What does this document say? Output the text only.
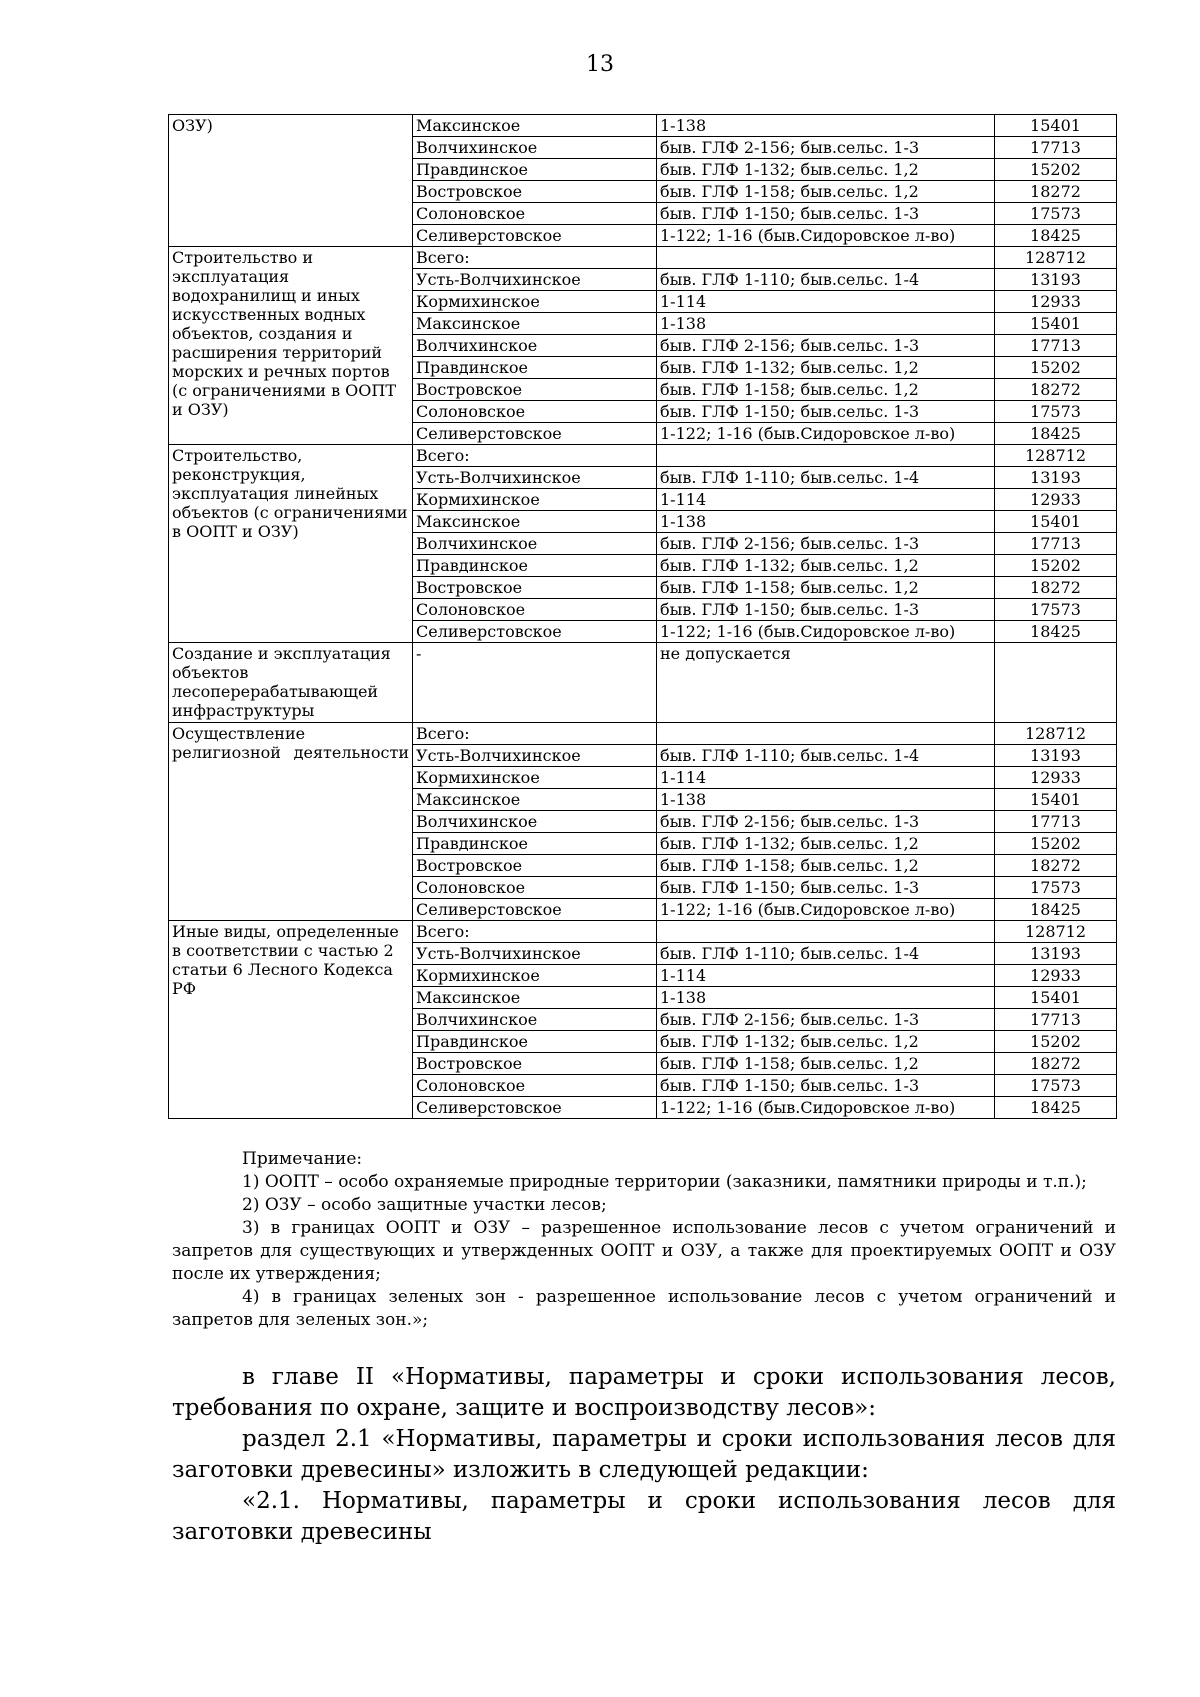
13
ОЗУ)	Максинское	1-138	15401
	Волчихинское	быв. ГЛФ 2-156; быв.сельс. 1-3	17713
	Правдинское	быв. ГЛФ 1-132; быв.сельс. 1,2	15202
	Востровское	быв. ГЛФ 1-158; быв.сельс. 1,2	18272
	Солоновское	быв. ГЛФ 1-150; быв.сельс. 1-3	17573
	Селиверстовское	1-122; 1-16 (быв.Сидоровское л-во)	18425
Строительство и эксплуатация водохранилищ и иных искусственных водных объектов, создания и расширения территорий морских и речных портов (с ограничениями в ООПТ и ОЗУ)	Всего:		128712
	Усть-Волчихинское	быв. ГЛФ 1-110; быв.сельс. 1-4	13193
	Кормихинское	1-114	12933
	Максинское	1-138	15401
	Волчихинское	быв. ГЛФ 2-156; быв.сельс. 1-3	17713
	Правдинское	быв. ГЛФ 1-132; быв.сельс. 1,2	15202
	Востровское	быв. ГЛФ 1-158; быв.сельс. 1,2	18272
	Солоновское	быв. ГЛФ 1-150; быв.сельс. 1-3	17573
	Селиверстовское	1-122; 1-16 (быв.Сидоровское л-во)	18425
Строительство, реконструкция, эксплуатация линейных объектов (с ограничениями в ООПТ и ОЗУ)	Всего:		128712
	Усть-Волчихинское	быв. ГЛФ 1-110; быв.сельс. 1-4	13193
	Кормихинское	1-114	12933
	Максинское	1-138	15401
	Волчихинское	быв. ГЛФ 2-156; быв.сельс. 1-3	17713
	Правдинское	быв. ГЛФ 1-132; быв.сельс. 1,2	15202
	Востровское	быв. ГЛФ 1-158; быв.сельс. 1,2	18272
	Солоновское	быв. ГЛФ 1-150; быв.сельс. 1-3	17573
	Селиверстовское	1-122; 1-16 (быв.Сидоровское л-во)	18425
Создание и эксплуатация объектов лесоперерабатывающей инфраструктуры	-	не допускается	
Осуществление религиозной деятельности	Всего:		128712
	Усть-Волчихинское	быв. ГЛФ 1-110; быв.сельс. 1-4	13193
	Кормихинское	1-114	12933
	Максинское	1-138	15401
	Волчихинское	быв. ГЛФ 2-156; быв.сельс. 1-3	17713
	Правдинское	быв. ГЛФ 1-132; быв.сельс. 1,2	15202
	Востровское	быв. ГЛФ 1-158; быв.сельс. 1,2	18272
	Солоновское	быв. ГЛФ 1-150; быв.сельс. 1-3	17573
	Селиверстовское	1-122; 1-16 (быв.Сидоровское л-во)	18425
Иные виды, определенные в соответствии с частью 2 статьи 6 Лесного Кодекса РФ	Всего:		128712
	Усть-Волчихинское	быв. ГЛФ 1-110; быв.сельс. 1-4	13193
	Кормихинское	1-114	12933
	Максинское	1-138	15401
	Волчихинское	быв. ГЛФ 2-156; быв.сельс. 1-3	17713
	Правдинское	быв. ГЛФ 1-132; быв.сельс. 1,2	15202
	Востровское	быв. ГЛФ 1-158; быв.сельс. 1,2	18272
	Солоновское	быв. ГЛФ 1-150; быв.сельс. 1-3	17573
	Селиверстовское	1-122; 1-16 (быв.Сидоровское л-во)	18425

Примечание:

1) ООПТ – особо охраняемые природные территории (заказники, памятники природы и т.п.);

2) ОЗУ – особо защитные участки лесов;

3) в границах ООПТ и ОЗУ – разрешенное использование лесов с учетом ограничений и запретов для существующих и утвержденных ООПТ и ОЗУ, а также для проектируемых ООПТ и ОЗУ после их утверждения;

4) в границах зеленых зон - разрешенное использование лесов с учетом ограничений и запретов для зеленых зон.»;

в главе II «Нормативы, параметры и сроки использования лесов, требования по охране, защите и воспроизводству лесов»:

раздел 2.1 «Нормативы, параметры и сроки использования лесов для заготовки древесины» изложить в следующей редакции:

«2.1. Нормативы, параметры и сроки использования лесов для заготовки древесины
